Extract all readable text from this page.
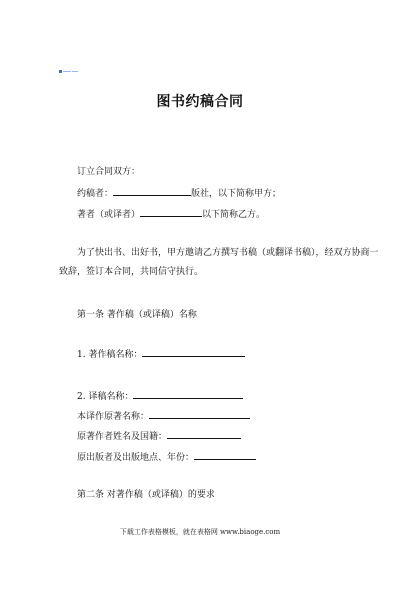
图书约稿合同
订立合同双方：
约稿者：	版社，以下简称甲方；
著者（或译者）	以下简称乙方。
为了快出书、出好书，甲方邀请乙方撰写书稿（或翻译书稿），经双方协商一
致辞，签订本合同，共同信守执行。
第一条 著作稿（或译稿）名称
1. 著作稿名称：
2. 译稿名称：
本译作原著名称：
原著作者姓名及国籍：
原出版者及出版地点、年份：
第二条 对著作稿（或译稿）的要求
下载工作表格模板，就在表格网 www.biaoge.com
